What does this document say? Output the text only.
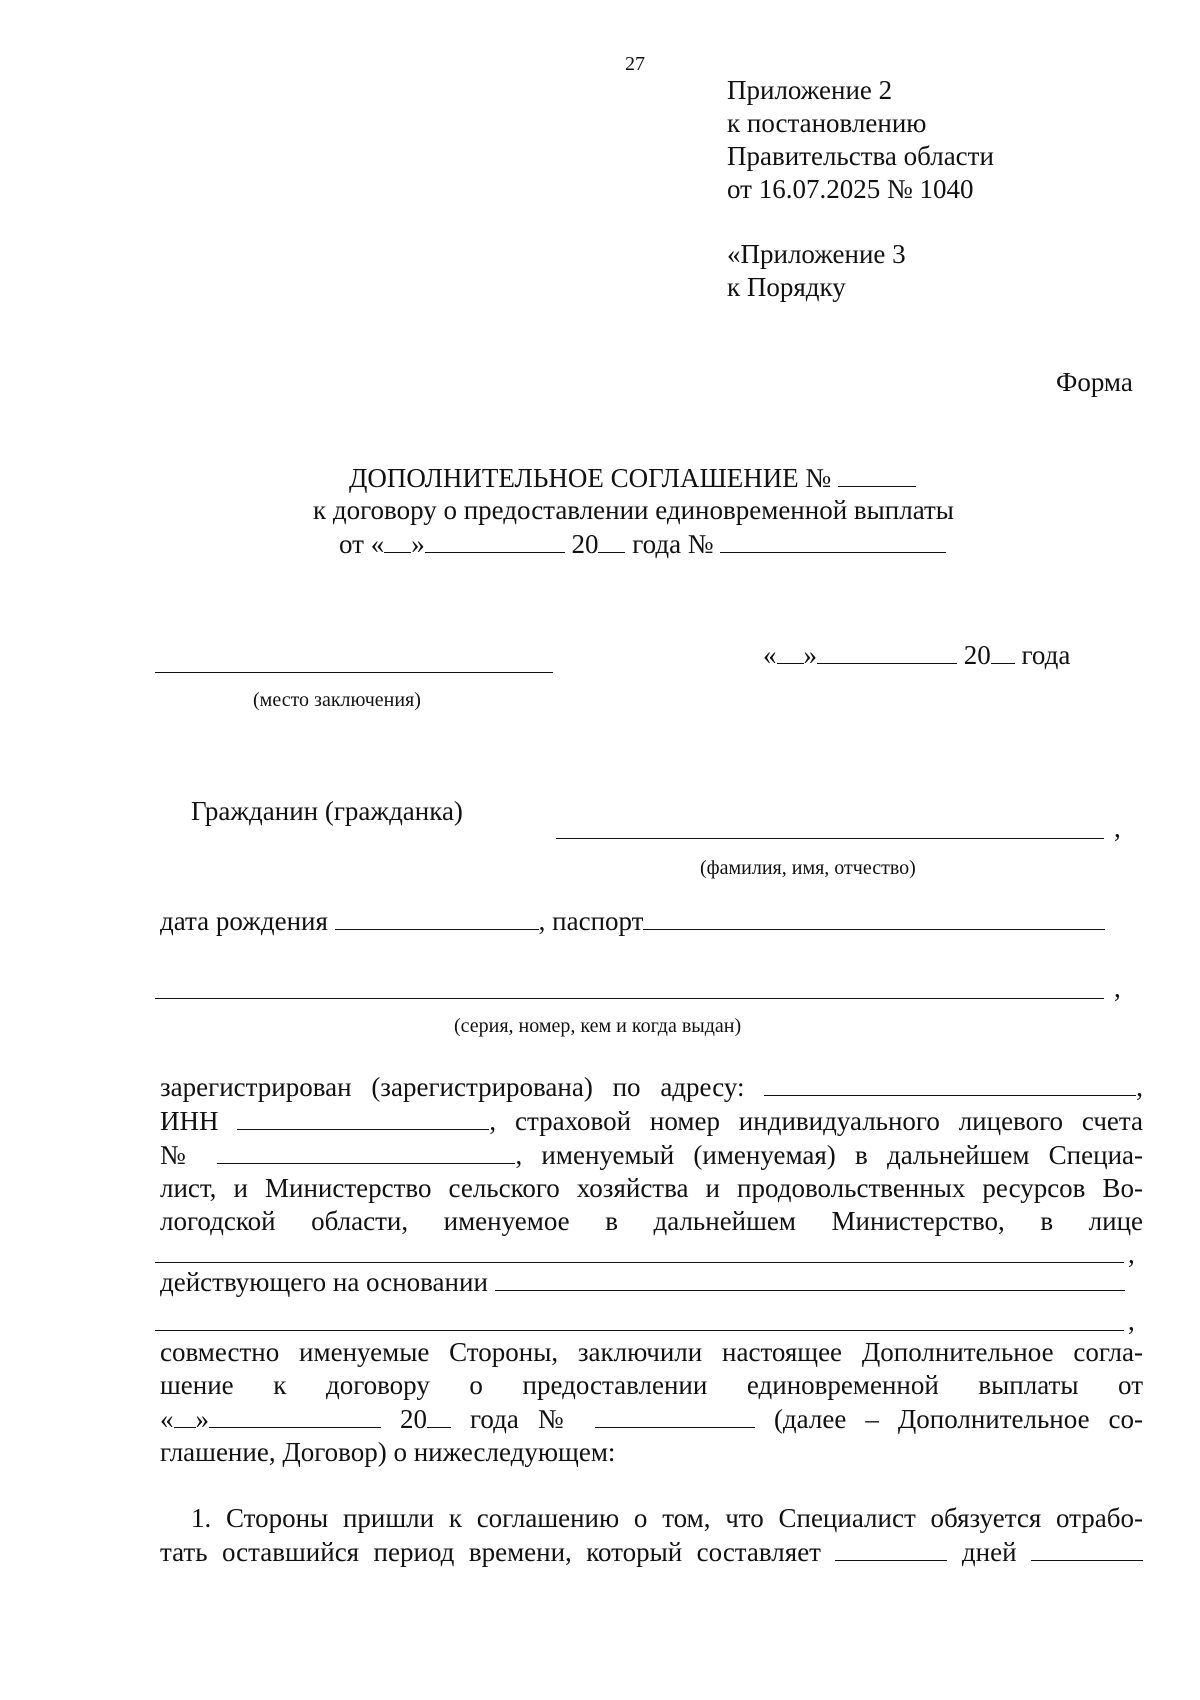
27
Приложение 2
к постановлению
Правительства области
от 16.07.2025 № 1040
«Приложение 3
к Порядку
Форма
ДОПОЛНИТЕЛЬНОЕ СОГЛАШЕНИЕ №
к договору о предоставлении единовременной выплаты
от « »	20 года №
(место заключения)
« »	20 года
Гражданин (гражданка)
,
(фамилия, имя, отчество)
дата рождения	, паспорт
,
(серия, номер, кем и когда выдан)
зарегистрирован (зарегистрирована) по адресу:	,
ИНН	, страховой номер индивидуального лицевого счета
№	, именуемый (именуемая) в дальнейшем Специа-
лист, и Министерство сельского хозяйства и продовольственных ресурсов Во-
логодской области, именуемое в дальнейшем Министерство, в лице
,
действующего на основании
,
совместно именуемые Стороны, заключили настоящее Дополнительное согла-
шение к договору о предоставлении единовременной выплаты от
« »	20 года №	(далее – Дополнительное со-
глашение, Договор) о нижеследующем:
1. Стороны пришли к соглашению о том, что Специалист обязуется отрабо-
тать оставшийся период времени, который составляет	дней
